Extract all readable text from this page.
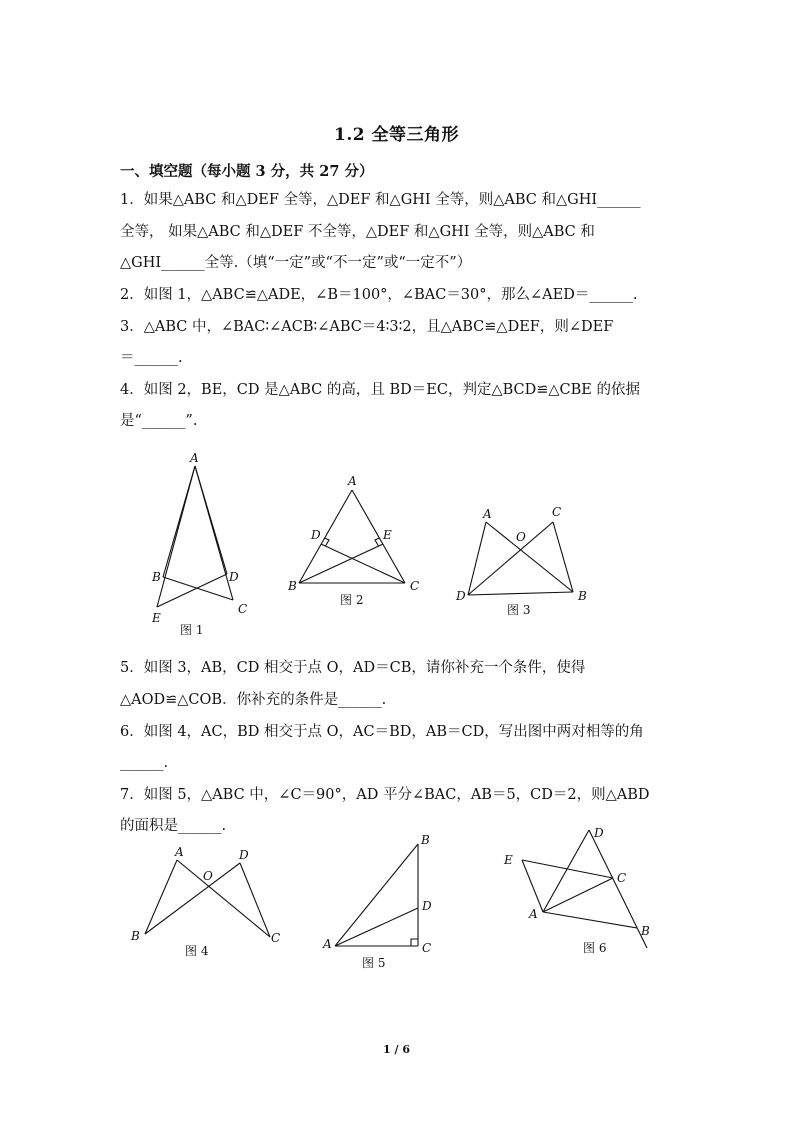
1.2 全等三角形
一、填空题（每小题 3 分，共 27 分）
1．如果△ABC 和△DEF 全等，△DEF 和△GHI 全等，则△ABC 和△GHI______
全等， 如果△ABC 和△DEF 不全等，△DEF 和△GHI 全等，则△ABC 和
△GHI______全等.（填“一定”或“不一定”或“一定不”）
2．如图 1，△ABC≌△ADE，∠B＝100°，∠BAC＝30°，那么∠AED＝______.
3．△ABC 中，∠BAC∶∠ACB∶∠ABC＝4∶3∶2，且△ABC≌△DEF，则∠DEF
＝______.
4．如图 2，BE，CD 是△ABC 的高，且 BD＝EC，判定△BCD≌△CBE 的依据
是“______”.
A
B	D
E
C
图 1
A
D	E
B	C
图 2
A	C
O
D	B
图 3
5．如图 3，AB，CD 相交于点 O，AD＝CB，请你补充一个条件，使得
△AOD≌△COB．你补充的条件是______.
6．如图 4，AC，BD 相交于点 O，AC＝BD，AB＝CD，写出图中两对相等的角
______.
7．如图 5，△ABC 中，∠C＝90°，AD 平分∠BAC，AB＝5，CD＝2，则△ABD
的面积是______.
A	D
O
B	C
图 4
B
D
A	C
图 5
D
E
C
A
B
图 6
1 / 6
